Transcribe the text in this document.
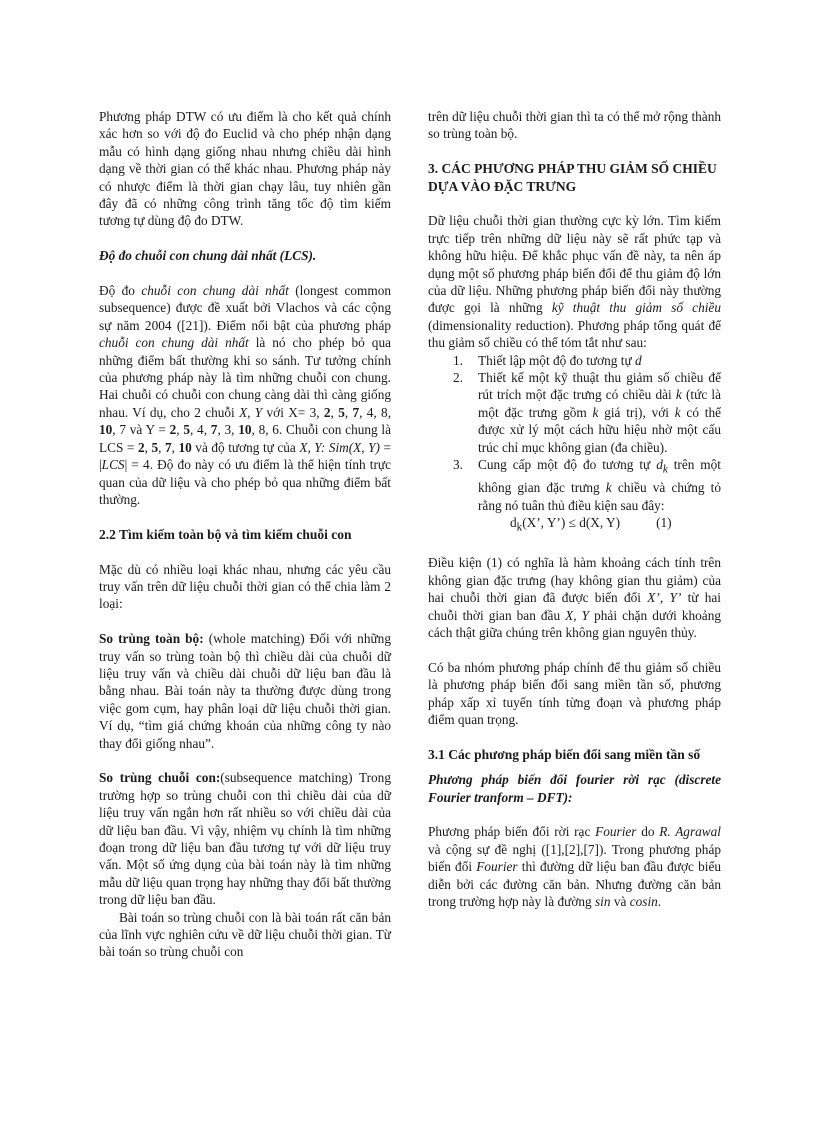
Phương pháp DTW có ưu điểm là cho kết quả chính xác hơn so với độ đo Euclid và cho phép nhận dạng mẫu có hình dạng giống nhau nhưng chiều dài hình dạng về thời gian có thể khác nhau. Phương pháp này có nhược điểm là thời gian chạy lâu, tuy nhiên gần đây đã có những công trình tăng tốc độ tìm kiếm tương tự dùng độ đo DTW.

Độ đo chuỗi con chung dài nhất (LCS).

Độ đo chuỗi con chung dài nhất (longest common subsequence) được đề xuất bởi Vlachos và các cộng sự năm 2004 ([21]). Điểm nổi bật của phương pháp chuỗi con chung dài nhất là nó cho phép bỏ qua những điểm bất thường khi so sánh. Tư tưởng chính của phương pháp này là tìm những chuỗi con chung. Hai chuỗi có chuỗi con chung càng dài thì càng giống nhau. Ví dụ, cho 2 chuỗi X, Y với X= 3, 2, 5, 7, 4, 8, 10, 7 và Y = 2, 5, 4, 7, 3, 10, 8, 6. Chuỗi con chung là LCS = 2, 5, 7, 10 và độ tương tự của X, Y: Sim(X, Y) = |LCS| = 4. Độ đo này có ưu điểm là thể hiện tính trực quan của dữ liệu và cho phép bỏ qua những điểm bất thường.

2.2 Tìm kiếm toàn bộ và tìm kiếm chuỗi con

Mặc dù có nhiều loại khác nhau, nhưng các yêu cầu truy vấn trên dữ liệu chuỗi thời gian có thể chia làm 2 loại:

So trùng toàn bộ: (whole matching) Đối với những truy vấn so trùng toàn bộ thì chiều dài của chuỗi dữ liệu truy vấn và chiều dài chuỗi dữ liệu ban đầu là bằng nhau. Bài toán này ta thường được dùng trong việc gom cụm, hay phân loại dữ liệu chuỗi thời gian. Ví dụ, “tìm giá chứng khoán của những công ty nào thay đổi giống nhau”.

So trùng chuỗi con:(subsequence matching) Trong trường hợp so trùng chuỗi con thì chiều dài của dữ liệu truy vấn ngắn hơn rất nhiều so với chiều dài của dữ liệu ban đầu. Vì vậy, nhiệm vụ chính là tìm những đoạn trong dữ liệu ban đầu tương tự với dữ liệu truy vấn. Một số ứng dụng của bài toán này là tìm những mẫu dữ liệu quan trọng hay những thay đổi bất thường trong dữ liệu ban đầu.

Bài toán so trùng chuỗi con là bài toán rất căn bản của lĩnh vực nghiên cứu về dữ liệu chuỗi thời gian. Từ bài toán so trùng chuỗi con

trên dữ liệu chuỗi thời gian thì ta có thể mở rộng thành so trùng toàn bộ.

3. CÁC PHƯƠNG PHÁP THU GIẢM SỐ CHIỀU DỰA VÀO ĐẶC TRƯNG

Dữ liệu chuỗi thời gian thường cực kỳ lớn. Tìm kiếm trực tiếp trên những dữ liệu này sẽ rất phức tạp và không hữu hiệu. Để khắc phục vấn đề này, ta nên áp dụng một số phương pháp biến đổi để thu giảm độ lớn của dữ liệu. Những phương pháp biến đổi này thường được gọi là những kỹ thuật thu giảm số chiều (dimensionality reduction). Phương pháp tổng quát để thu giảm số chiều có thể tóm tắt như sau:

1. Thiết lập một độ đo tương tự d
2. Thiết kế một kỹ thuật thu giảm số chiều để rút trích một đặc trưng có chiều dài k (tức là một đặc trưng gồm k giá trị), với k có thể được xử lý một cách hữu hiệu nhờ một cấu trúc chỉ mục không gian (đa chiều).
3. Cung cấp một độ đo tương tự $d_k$ trên một không gian đặc trưng k chiều và chứng tỏ rằng nó tuân thủ điều kiện sau đây:

$d_k(X$’, Y’) ≤ d(X, Y)	(1)

Điều kiện (1) có nghĩa là hàm khoảng cách tính trên không gian đặc trưng (hay không gian thu giảm) của hai chuỗi thời gian đã được biến đổi X’, Y’ từ hai chuỗi thời gian ban đầu X, Y phải chặn dưới khoảng cách thật giữa chúng trên không gian nguyên thủy.

Có ba nhóm phương pháp chính để thu giảm số chiều là phương pháp biến đổi sang miền tần số, phương pháp xấp xỉ tuyến tính từng đoạn và phương pháp điểm quan trọng.

3.1 Các phương pháp biến đổi sang miền tần số

Phương pháp biến đổi fourier rời rạc (discrete Fourier tranform – DFT):

Phương pháp biến đổi rời rạc Fourier do R. Agrawal và cộng sự đề nghị ([1],[2],[7]). Trong phương pháp biến đổi Fourier thì đường dữ liệu ban đầu được biểu diễn bởi các đường căn bản. Nhưng đường căn bản trong trường hợp này là đường sin và cosin.
